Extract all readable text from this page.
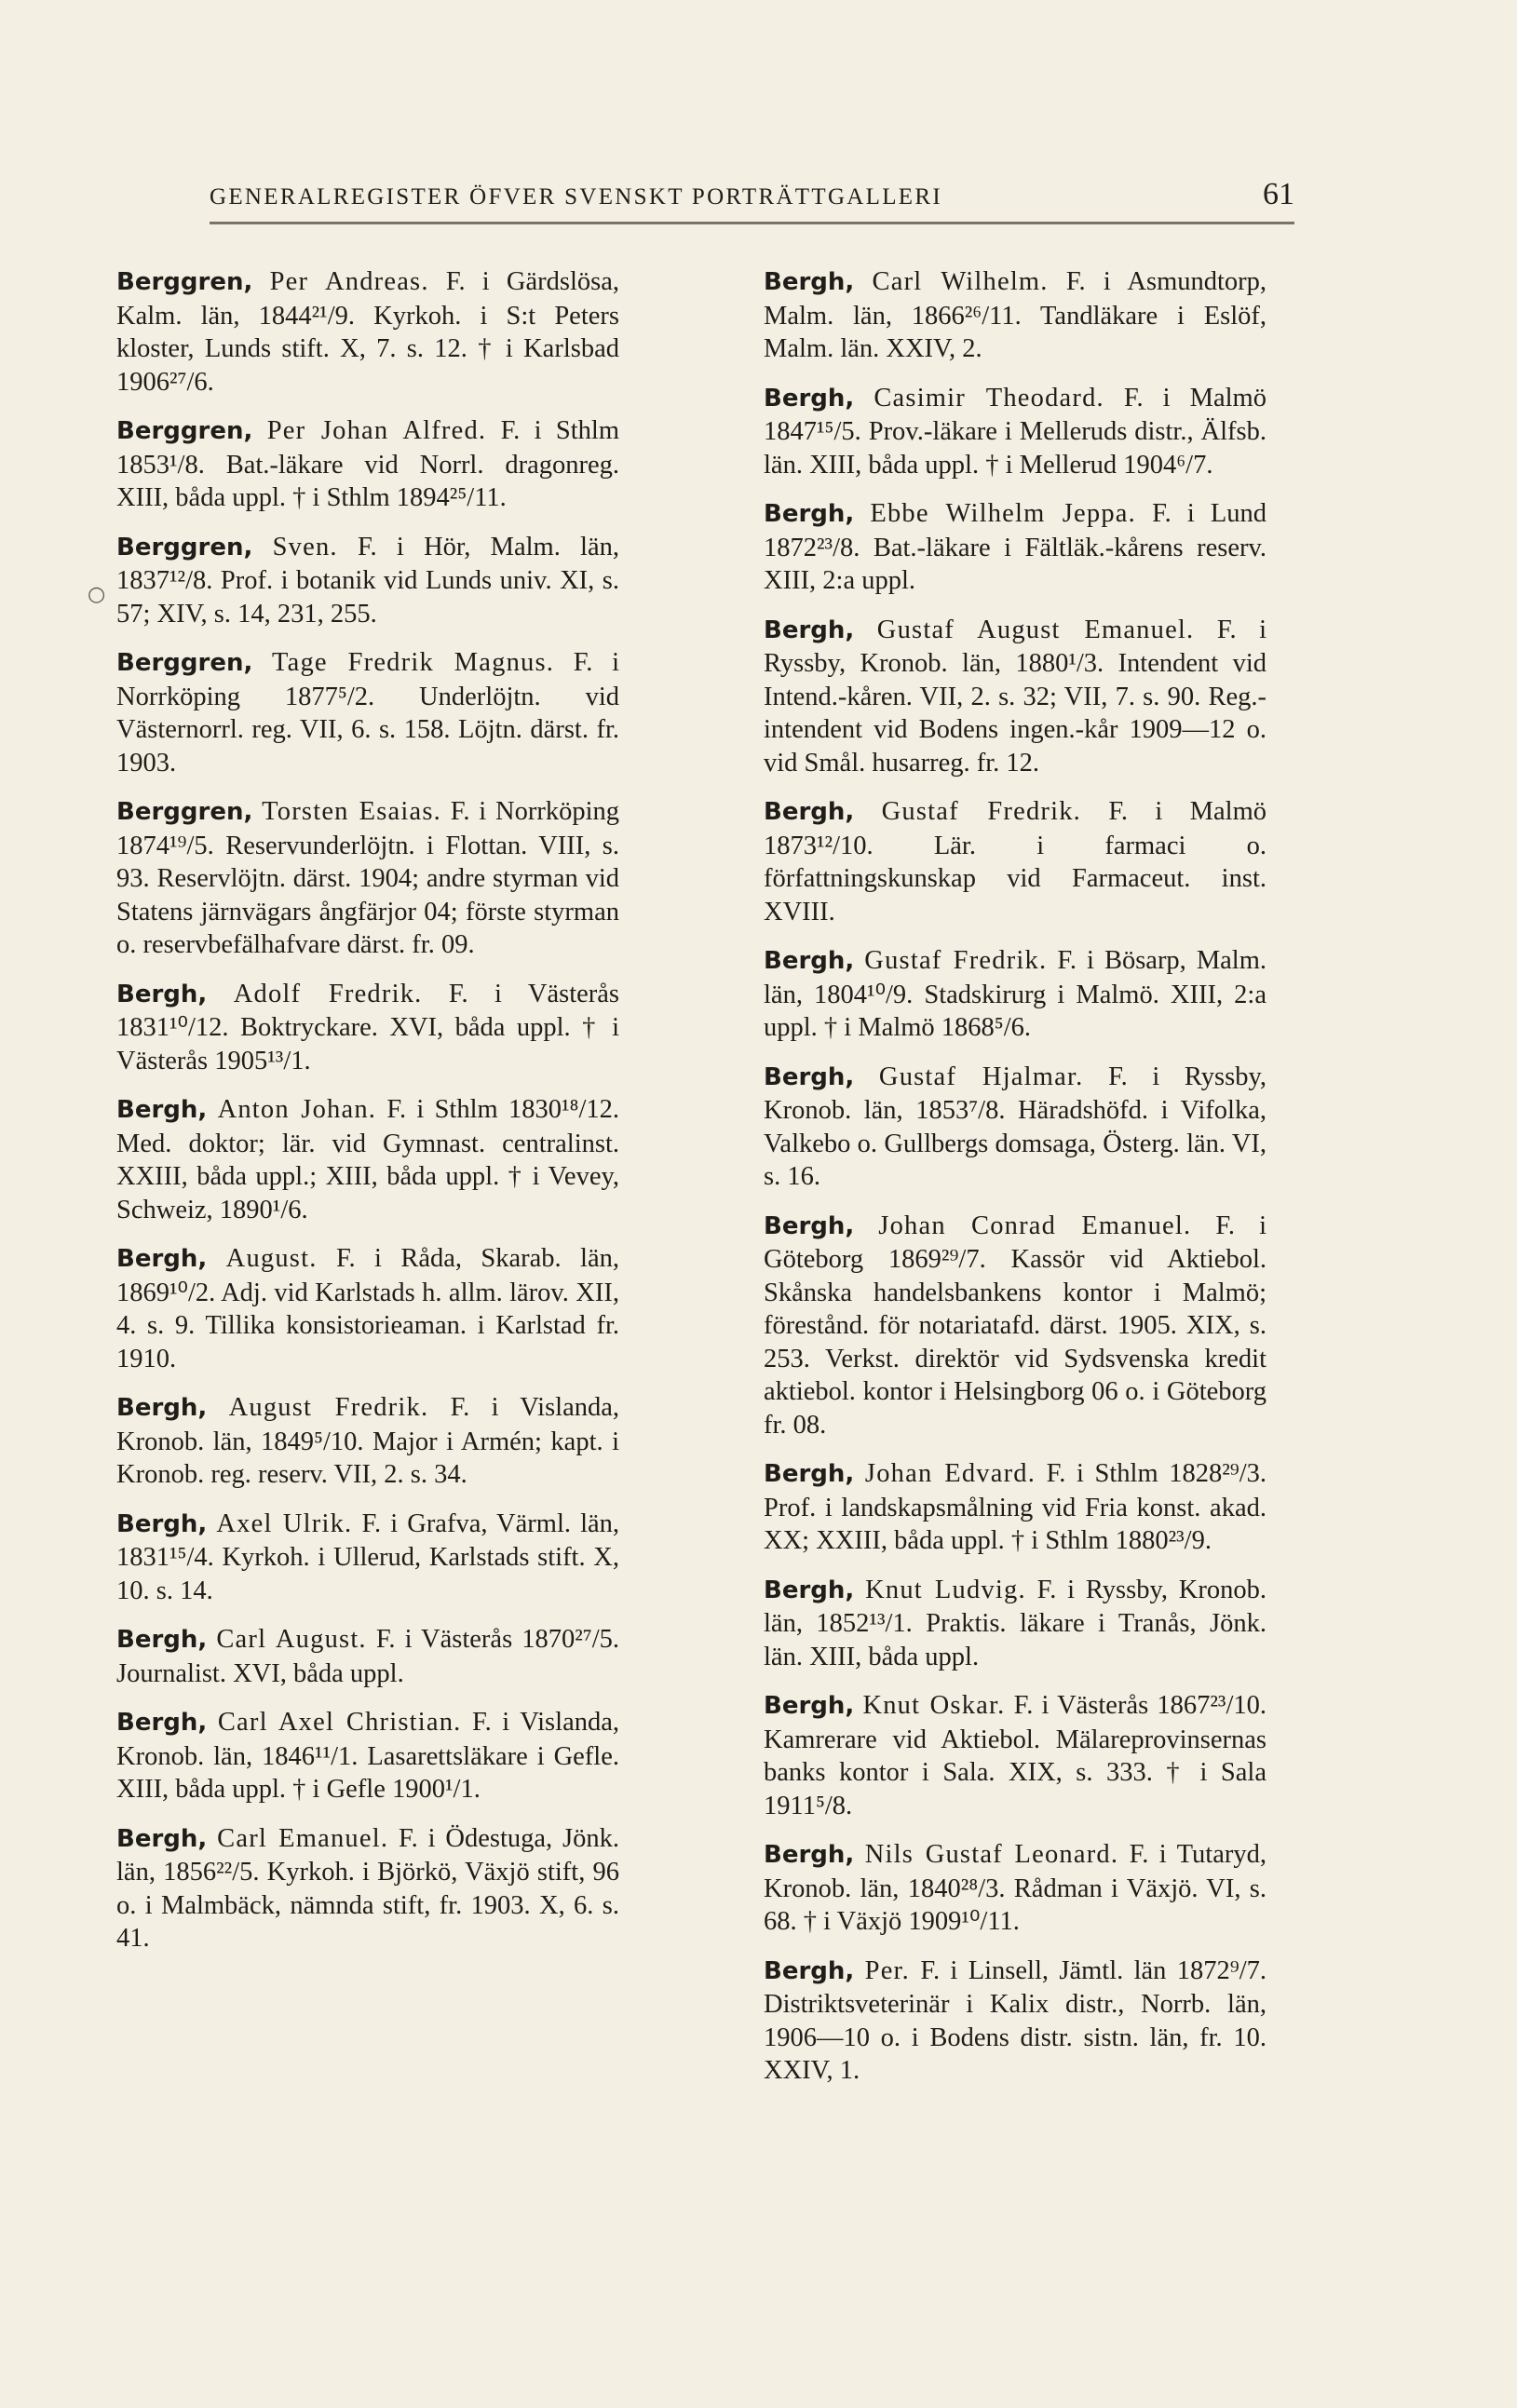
GENERALREGISTER ÖFVER SVENSKT PORTRÄTTGALLERI	61
○

Berggren, Per Andreas. F. i Gärdslösa, Kalm. län, 1844²¹/9. Kyrkoh. i S:t Peters kloster, Lunds stift. X, 7. s. 12. † i Karlsbad 1906²⁷/6.

Berggren, Per Johan Alfred. F. i Sthlm 1853¹/8. Bat.-läkare vid Norrl. dragonreg. XIII, båda uppl. † i Sthlm 1894²⁵/11.

Berggren, Sven. F. i Hör, Malm. län, 1837¹²/8. Prof. i botanik vid Lunds univ. XI, s. 57; XIV, s. 14, 231, 255.

Berggren, Tage Fredrik Magnus. F. i Norrköping 1877⁵/2. Underlöjtn. vid Västernorrl. reg. VII, 6. s. 158. Löjtn. därst. fr. 1903.

Berggren, Torsten Esaias. F. i Norrköping 1874¹⁹/5. Reservunderlöjtn. i Flottan. VIII, s. 93. Reservlöjtn. därst. 1904; andre styrman vid Statens järnvägars ångfärjor 04; förste styrman o. reservbefälhafvare därst. fr. 09.

Bergh, Adolf Fredrik. F. i Västerås 1831¹⁰/12. Boktryckare. XVI, båda uppl. † i Västerås 1905¹³/1.

Bergh, Anton Johan. F. i Sthlm 1830¹⁸/12. Med. doktor; lär. vid Gymnast. centralinst. XXIII, båda uppl.; XIII, båda uppl. † i Vevey, Schweiz, 1890¹/6.

Bergh, August. F. i Råda, Skarab. län, 1869¹⁰/2. Adj. vid Karlstads h. allm. lärov. XII, 4. s. 9. Tillika konsistorieaman. i Karlstad fr. 1910.

Bergh, August Fredrik. F. i Vislanda, Kronob. län, 1849⁵/10. Major i Armén; kapt. i Kronob. reg. reserv. VII, 2. s. 34.

Bergh, Axel Ulrik. F. i Grafva, Värml. län, 1831¹⁵/4. Kyrkoh. i Ullerud, Karlstads stift. X, 10. s. 14.

Bergh, Carl August. F. i Västerås 1870²⁷/5. Journalist. XVI, båda uppl.

Bergh, Carl Axel Christian. F. i Vislanda, Kronob. län, 1846¹¹/1. Lasarettsläkare i Gefle. XIII, båda uppl. † i Gefle 1900¹/1.

Bergh, Carl Emanuel. F. i Ödestuga, Jönk. län, 1856²²/5. Kyrkoh. i Björkö, Växjö stift, 96 o. i Malmbäck, nämnda stift, fr. 1903. X, 6. s. 41.

Bergh, Carl Wilhelm. F. i Asmundtorp, Malm. län, 1866²⁶/11. Tandläkare i Eslöf, Malm. län. XXIV, 2.

Bergh, Casimir Theodard. F. i Malmö 1847¹⁵/5. Prov.-läkare i Melleruds distr., Älfsb. län. XIII, båda uppl. † i Mellerud 1904⁶/7.

Bergh, Ebbe Wilhelm Jeppa. F. i Lund 1872²³/8. Bat.-läkare i Fältläk.-kårens reserv. XIII, 2:a uppl.

Bergh, Gustaf August Emanuel. F. i Ryssby, Kronob. län, 1880¹/3. Intendent vid Intend.-kåren. VII, 2. s. 32; VII, 7. s. 90. Reg.-intendent vid Bodens ingen.-kår 1909—12 o. vid Smål. husarreg. fr. 12.

Bergh, Gustaf Fredrik. F. i Malmö 1873¹²/10. Lär. i farmaci o. författningskunskap vid Farmaceut. inst. XVIII.

Bergh, Gustaf Fredrik. F. i Bösarp, Malm. län, 1804¹⁰/9. Stadskirurg i Malmö. XIII, 2:a uppl. † i Malmö 1868⁵/6.

Bergh, Gustaf Hjalmar. F. i Ryssby, Kronob. län, 1853⁷/8. Häradshöfd. i Vifolka, Valkebo o. Gullbergs domsaga, Österg. län. VI, s. 16.

Bergh, Johan Conrad Emanuel. F. i Göteborg 1869²⁹/7. Kassör vid Aktiebol. Skånska handelsbankens kontor i Malmö; förestånd. för notariatafd. därst. 1905. XIX, s. 253. Verkst. direktör vid Sydsvenska kredit aktiebol. kontor i Helsingborg 06 o. i Göteborg fr. 08.

Bergh, Johan Edvard. F. i Sthlm 1828²⁹/3. Prof. i landskapsmålning vid Fria konst. akad. XX; XXIII, båda uppl. † i Sthlm 1880²³/9.

Bergh, Knut Ludvig. F. i Ryssby, Kronob. län, 1852¹³/1. Praktis. läkare i Tranås, Jönk. län. XIII, båda uppl.

Bergh, Knut Oskar. F. i Västerås 1867²³/10. Kamrerare vid Aktiebol. Mälareprovinsernas banks kontor i Sala. XIX, s. 333. † i Sala 1911⁵/8.

Bergh, Nils Gustaf Leonard. F. i Tutaryd, Kronob. län, 1840²⁸/3. Rådman i Växjö. VI, s. 68. † i Växjö 1909¹⁰/11.

Bergh, Per. F. i Linsell, Jämtl. län 1872⁹/7. Distriktsveterinär i Kalix distr., Norrb. län, 1906—10 o. i Bodens distr. sistn. län, fr. 10. XXIV, 1.
